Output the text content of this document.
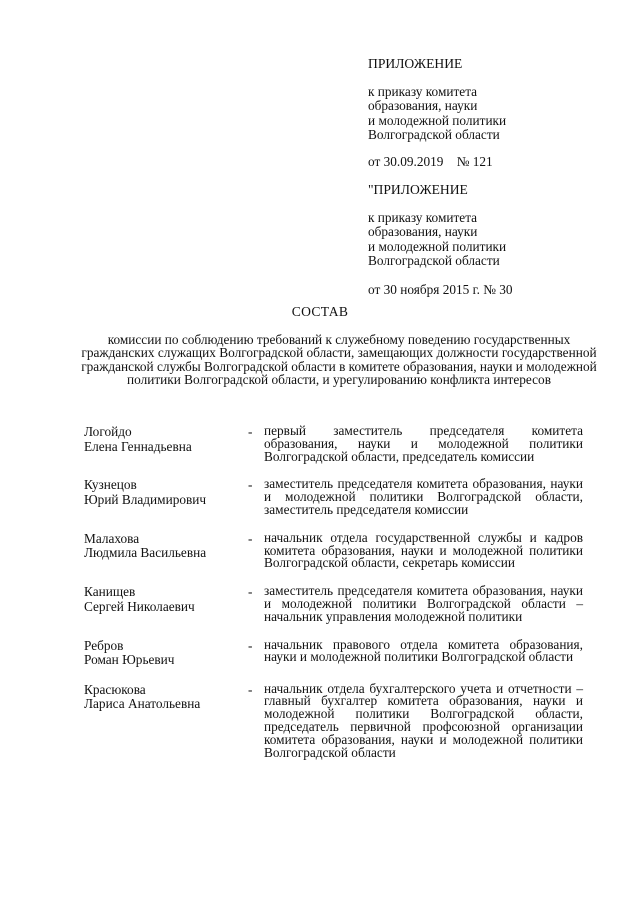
ПРИЛОЖЕНИЕ

к приказу комитета

образования, науки

и молодежной политики

Волгоградской области

от 30.09.2019 № 121

"ПРИЛОЖЕНИЕ

к приказу комитета

образования, науки

и молодежной политики

Волгоградской области

от 30 ноября 2015 г. № 30

СОСТАВ

комиссии по соблюдению требований к служебному поведению государственных гражданских служащих Волгоградской области, замещающих должности государственной гражданской службы Волгоградской области в комитете образования, науки и молодежной политики Волгоградской области, и урегулированию конфликта интересов

Логойдо
Елена Геннадьевна
- первый заместитель председателя комитета образования, науки и молодежной политики Волгоградской области, председатель комиссии
Кузнецов
Юрий Владимирович
- заместитель председателя комитета образования, науки и молодежной политики Волгоградской области, заместитель председателя комиссии
Малахова
Людмила Васильевна
- начальник отдела государственной службы и кадров комитета образования, науки и молодежной политики Волгоградской области, секретарь комиссии
Канищев
Сергей Николаевич
- заместитель председателя комитета образования, науки и молодежной политики Волгоградской области – начальник управления молодежной политики
Ребров
Роман Юрьевич
- начальник правового отдела комитета образования, науки и молодежной политики Волгоградской области
Красюкова
Лариса Анатольевна
- начальник отдела бухгалтерского учета и отчетности – главный бухгалтер комитета образования, науки и молодежной политики Волгоградской области, председатель первичной профсоюзной организации комитета образования, науки и молодежной политики Волгоградской области
